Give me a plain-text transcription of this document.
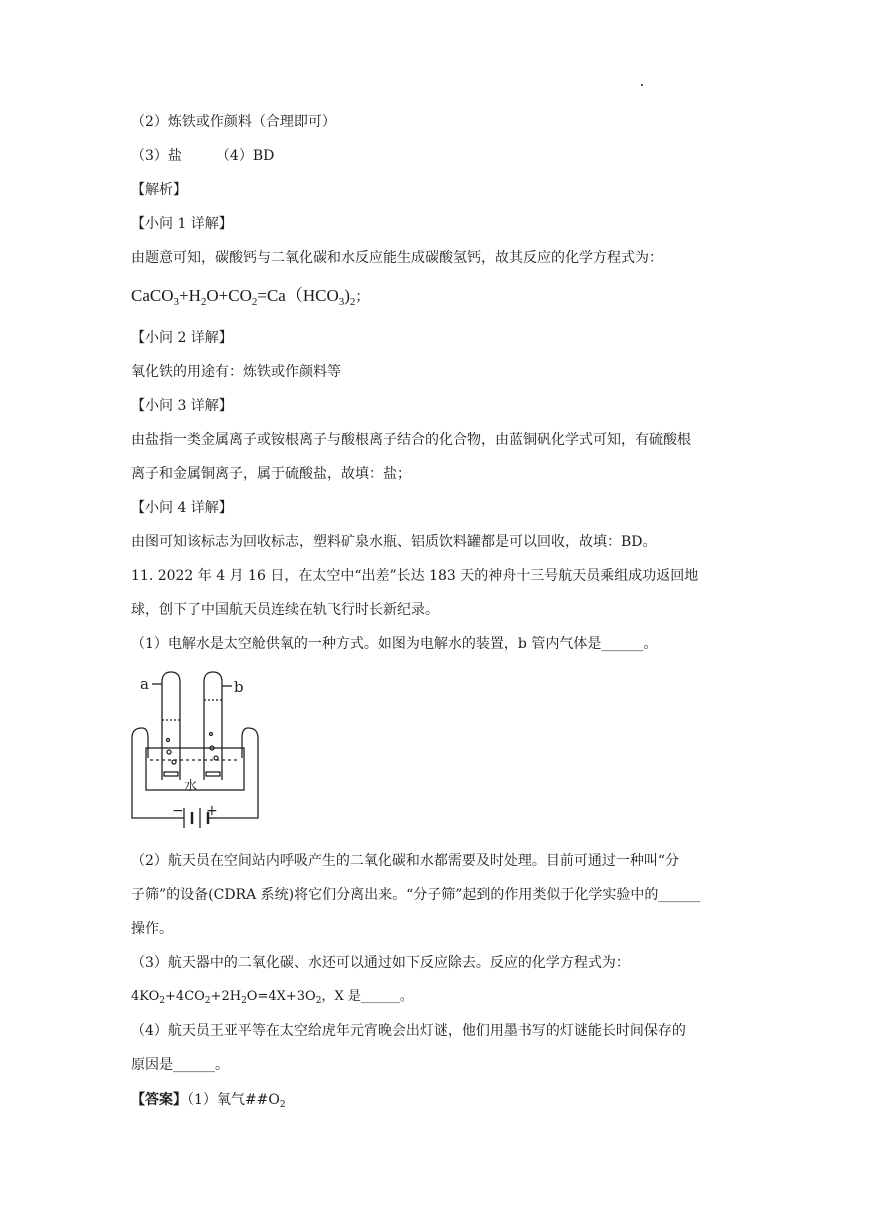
（2）炼铁或作颜料（合理即可）
（3）盐 （4）BD
【解析】
【小问 1 详解】
由题意可知，碳酸钙与二氧化碳和水反应能生成碳酸氢钙，故其反应的化学方程式为：
$CaCO_3+H_2O+CO_2=Ca(HCO_3)_2$；
【小问 2 详解】
氧化铁的用途有：炼铁或作颜料等
【小问 3 详解】
由盐指一类金属离子或铵根离子与酸根离子结合的化合物，由蓝铜矾化学式可知，有硫酸根
离子和金属铜离子，属于硫酸盐，故填：盐；
【小问 4 详解】
由图可知该标志为回收标志，塑料矿泉水瓶、铝质饮料罐都是可以回收，故填：BD。
11. 2022 年 4 月 16 日，在太空中“出差”长达 183 天的神舟十三号航天员乘组成功返回地
球，创下了中国航天员连续在轨飞行时长新纪录。
（1）电解水是太空舱供氧的一种方式。如图为电解水的装置，b 管内气体是______。
a	b
水
− +
（2）航天员在空间站内呼吸产生的二氧化碳和水都需要及时处理。目前可通过一种叫“分
子筛”的设备(CDRA 系统)将它们分离出来。“分子筛”起到的作用类似于化学实验中的______
操作。
（3）航天器中的二氧化碳、水还可以通过如下反应除去。反应的化学方程式为：
$4KO_2+4CO_2+2H_2O=4X+3O_2$，X 是______。
（4）航天员王亚平等在太空给虎年元宵晚会出灯谜，他们用墨书写的灯谜能长时间保存的
原因是______。
【答案】（1）氧气$\#\#O_2$
